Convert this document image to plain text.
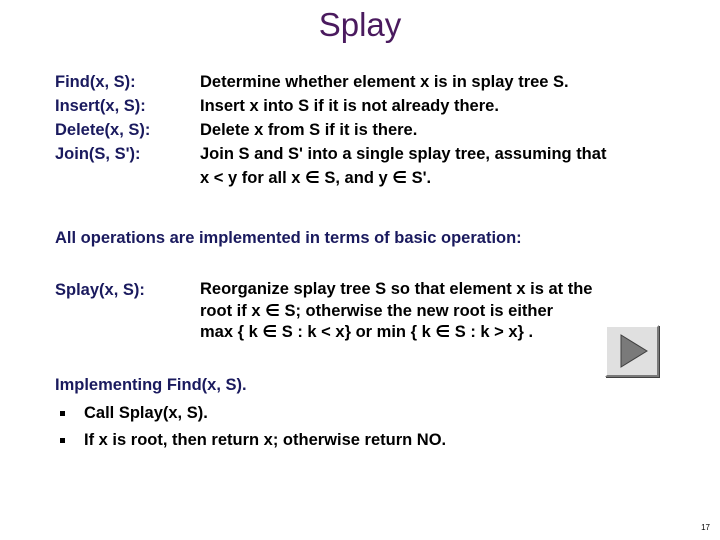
Splay
Find(x, S):	Determine whether element x is in splay tree S.
Insert(x, S):	Insert x into S if it is not already there.
Delete(x, S):	Delete x from S if it is there.
Join(S, S'):	Join S and S' into a single splay tree, assuming that
x < y for all x ∈ S, and y ∈ S'.
All operations are implemented in terms of basic operation:
Splay(x, S):	Reorganize splay tree S so that element x is at the
root if x ∈ S; otherwise the new root is either
max { k ∈ S : k < x} or min { k ∈ S : k > x} .
Implementing Find(x, S).
Call Splay(x, S).
If x is root, then return x; otherwise return NO.
17
